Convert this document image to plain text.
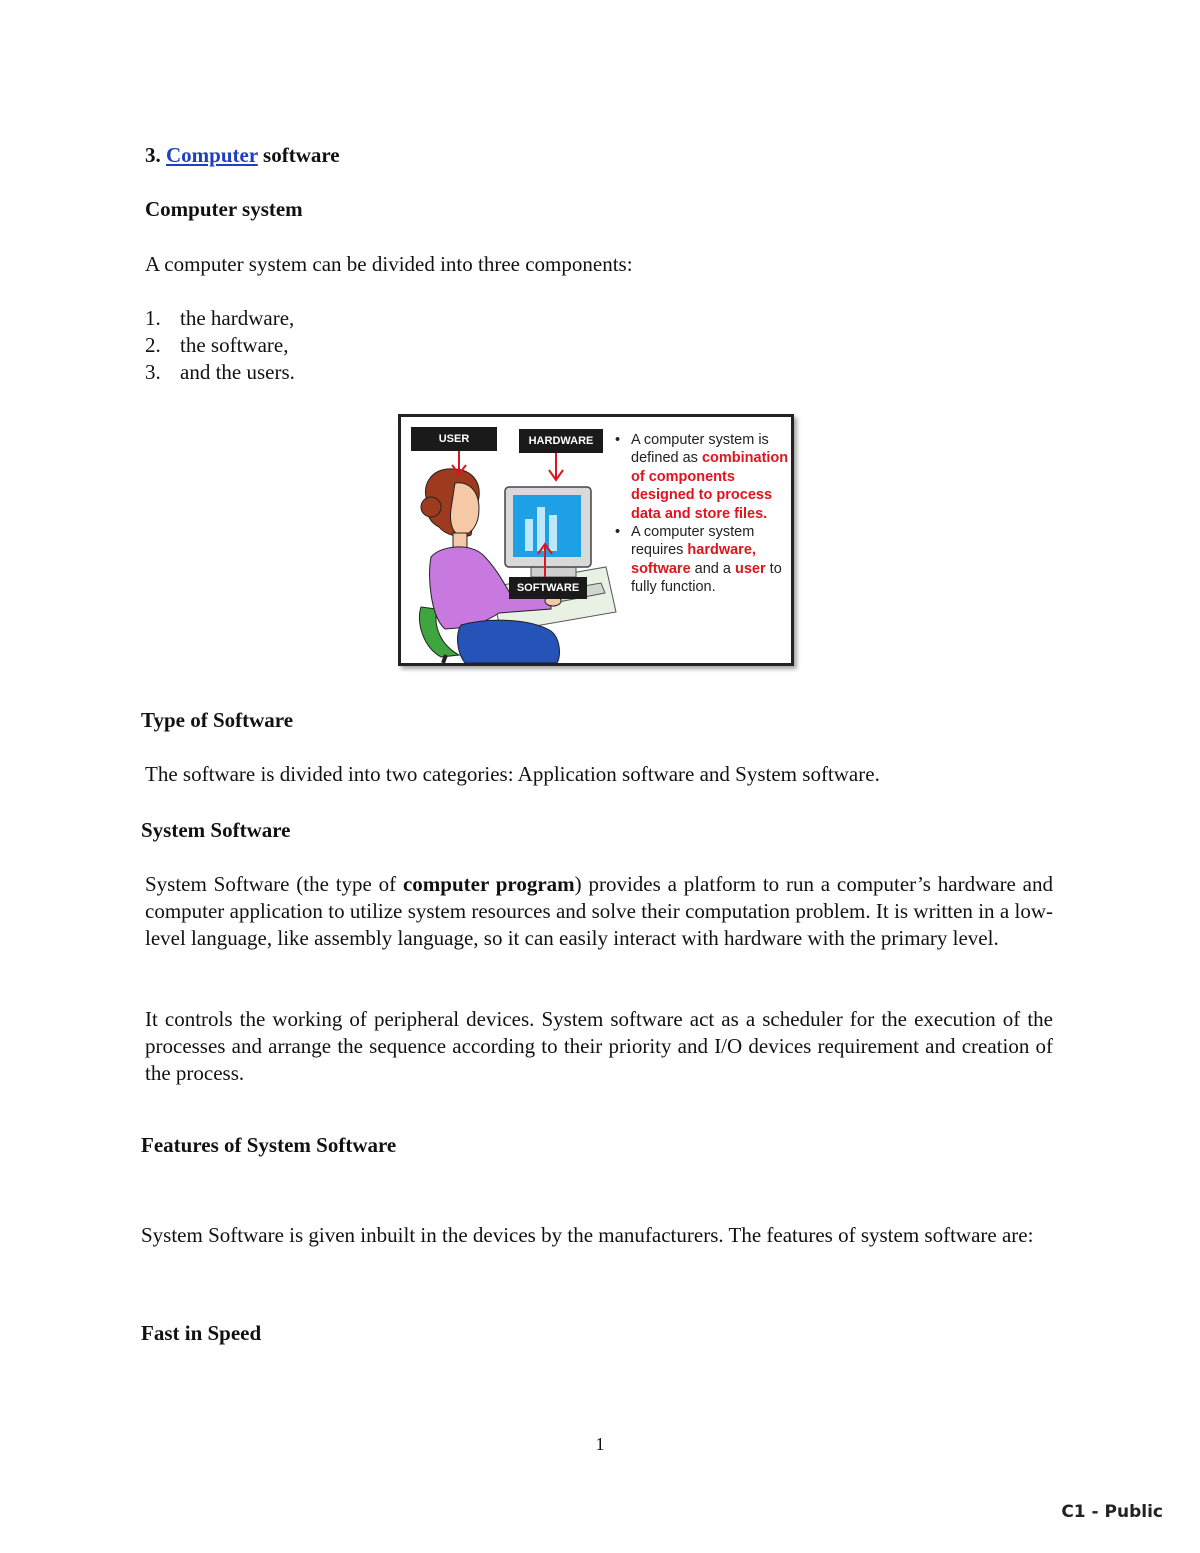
3. Computer software
Computer system
A computer system can be divided into three components:
1. the hardware,
2. the software,
3. and the users.
USER	HARDWARE
SOFTWARE
• A computer system is defined as combination of components designed to process data and store files.
• A computer system requires hardware, software and a user to fully function.
Type of Software
The software is divided into two categories: Application software and System software.
System Software
System Software (the type of computer program) provides a platform to run a computer’s hardware and computer application to utilize system resources and solve their computation problem. It is written in a low-level language, like assembly language, so it can easily interact with hardware with the primary level.
It controls the working of peripheral devices. System software act as a scheduler for the execution of the processes and arrange the sequence according to their priority and I/O devices requirement and creation of the process.
Features of System Software
System Software is given inbuilt in the devices by the manufacturers. The features of system software are:
Fast in Speed
1
C1 - Public
